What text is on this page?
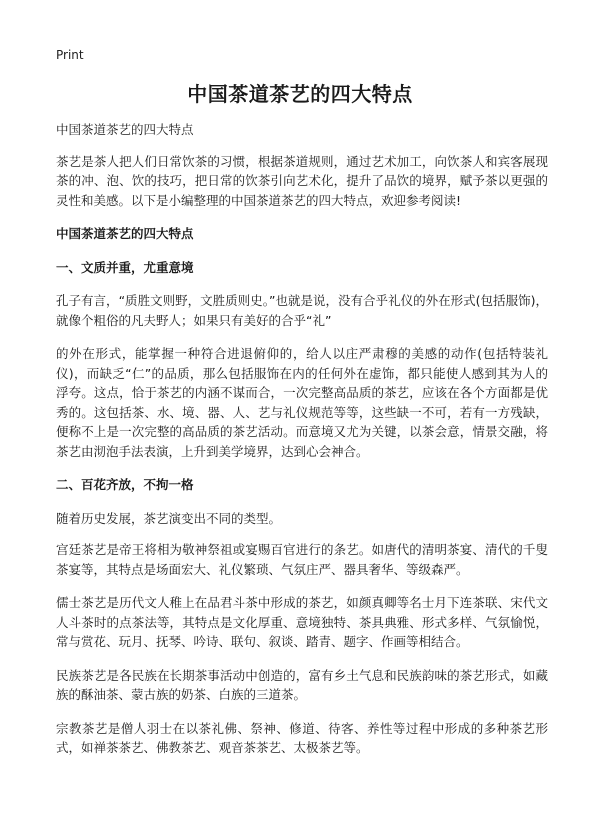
Print
中国茶道茶艺的四大特点

中国茶道茶艺的四大特点

茶艺是茶人把人们日常饮茶的习惯，根据茶道规则，通过艺术加工，向饮茶人和宾客展现茶的冲、泡、饮的技巧，把日常的饮茶引向艺术化，提升了品饮的境界，赋予茶以更强的灵性和美感。以下是小编整理的中国茶道茶艺的四大特点，欢迎参考阅读!

中国茶道茶艺的四大特点
一、文质并重，尤重意境

孔子有言，“质胜文则野，文胜质则史。”也就是说，没有合乎礼仪的外在形式(包括服饰)，就像个粗俗的凡夫野人；如果只有美好的合乎“礼”

的外在形式，能掌握一种符合进退俯仰的，给人以庄严肃穆的美感的动作(包括特装礼仪)，而缺乏“仁”的品质，那么包括服饰在内的任何外在虚饰，都只能使人感到其为人的浮夸。这点，恰于茶艺的内涵不谋而合，一次完整高品质的茶艺，应该在各个方面都是优秀的。这包括茶、水、境、器、人、艺与礼仪规范等等，这些缺一不可，若有一方残缺，便称不上是一次完整的高品质的茶艺活动。而意境又尤为关键，以茶会意，情景交融，将茶艺由沏泡手法表演，上升到美学境界，达到心会神合。

二、百花齐放，不拘一格

随着历史发展，茶艺演变出不同的类型。

宫廷茶艺是帝王将相为敬神祭祖或宴赐百官进行的条艺。如唐代的清明茶宴、清代的千叟茶宴等，其特点是场面宏大、礼仪繁琐、气氛庄严、器具奢华、等级森严。

儒士茶艺是历代文人稚上在品君斗茶中形成的茶艺，如颜真卿等名士月下连茶联、宋代文人斗茶时的点茶法等，其特点是文化厚重、意境独特、茶具典雅、形式多样、气氛愉悦，常与赏花、玩月、抚琴、吟诗、联句、叙谈、踏青、题字、作画等相结合。

民族茶艺是各民族在长期茶事活动中创造的，富有乡土气息和民族韵味的茶艺形式，如藏族的酥油茶、蒙古族的奶茶、白族的三道茶。

宗教茶艺是僧人羽士在以茶礼佛、祭神、修道、待客、养性等过程中形成的多种茶艺形式，如禅茶茶艺、佛教茶艺、观音茶茶艺、太极茶艺等。
